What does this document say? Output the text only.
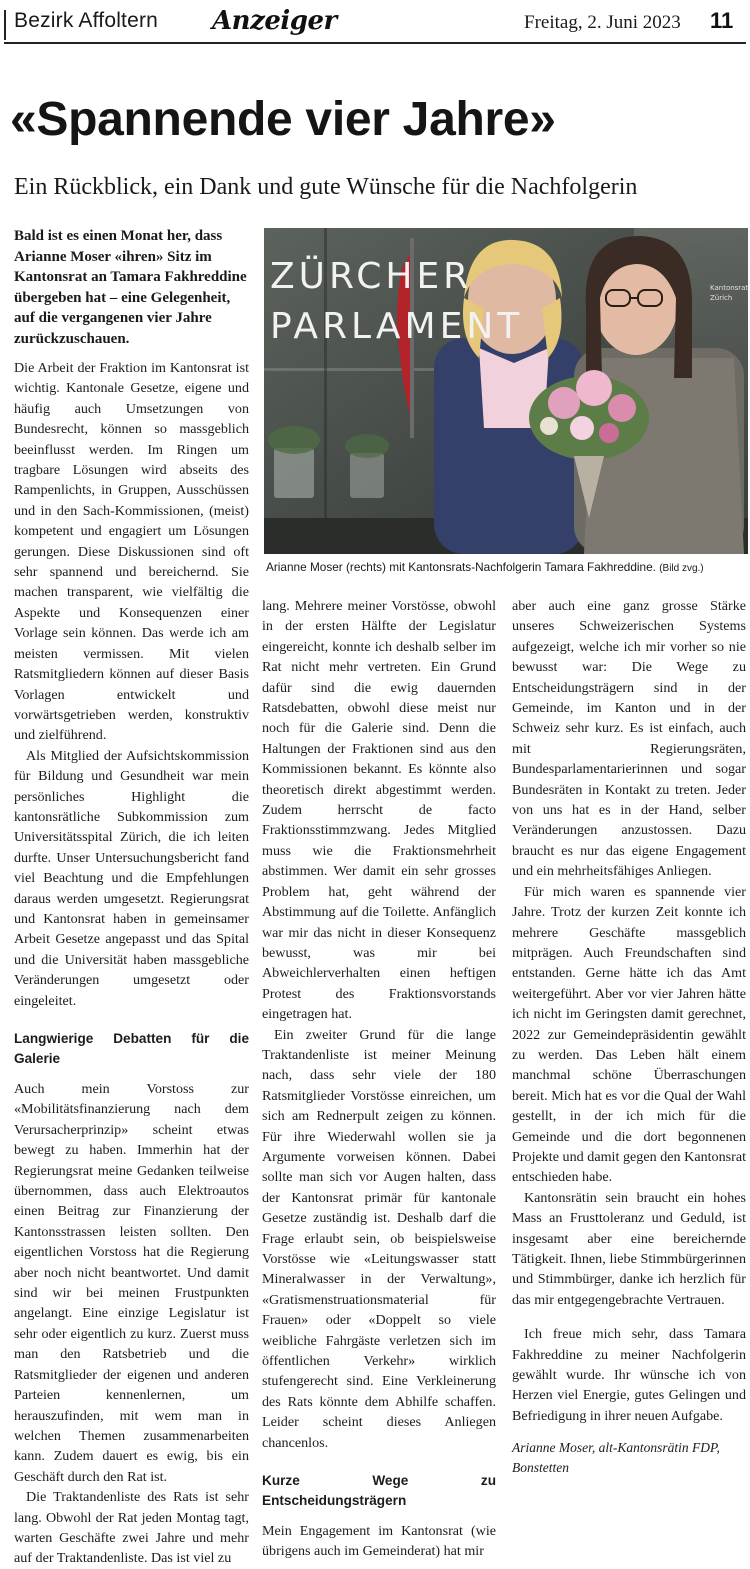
Bezirk Affoltern Anzeiger	Freitag, 2. Juni 2023 11
«Spannende vier Jahre»
Ein Rückblick, ein Dank und gute Wünsche für die Nachfolgerin
Bald ist es einen Monat her, dass Arianne Moser «ihren» Sitz im Kantonsrat an Tamara Fakhreddine übergeben hat – eine Gelegenheit, auf die vergangenen vier Jahre zurückzuschauen.
ZÜRCHER
PARLAMENT
Kantonsrat
Zürich
Arianne Moser (rechts) mit Kantonsrats-Nachfolgerin Tamara Fakhreddine. (Bild zvg.)

Die Arbeit der Fraktion im Kantonsrat ist wichtig. Kantonale Gesetze, eigene und häufig auch Umsetzungen von Bundesrecht, können so massgeblich beeinflusst werden. Im Ringen um tragbare Lösungen wird abseits des Rampenlichts, in Gruppen, Ausschüssen und in den Sach-Kommissionen, (meist) kompetent und engagiert um Lösungen gerungen. Diese Diskussionen sind oft sehr spannend und bereichernd. Sie machen transparent, wie vielfältig die Aspekte und Konsequenzen einer Vorlage sein können. Das werde ich am meisten vermissen. Mit vielen Ratsmitgliedern können auf dieser Basis Vorlagen entwickelt und vorwärtsgetrieben werden, konstruktiv und zielführend.

Als Mitglied der Aufsichtskommission für Bildung und Gesundheit war mein persönliches Highlight die kantonsrätliche Subkommission zum Universitätsspital Zürich, die ich leiten durfte. Unser Untersuchungsbericht fand viel Beachtung und die Empfehlungen daraus werden umgesetzt. Regierungsrat und Kantonsrat haben in gemeinsamer Arbeit Gesetze angepasst und das Spital und die Universität haben massgebliche Veränderungen umgesetzt oder eingeleitet.

Langwierige Debatten für die Galerie

Auch mein Vorstoss zur «Mobilitätsfinanzierung nach dem Verursacherprinzip» scheint etwas bewegt zu haben. Immerhin hat der Regierungsrat meine Gedanken teilweise übernommen, dass auch Elektroautos einen Beitrag zur Finanzierung der Kantonsstrassen leisten sollten. Den eigentlichen Vorstoss hat die Regierung aber noch nicht beantwortet. Und damit sind wir bei meinen Frustpunkten angelangt. Eine einzige Legislatur ist sehr oder eigentlich zu kurz. Zuerst muss man den Ratsbetrieb und die Ratsmitglieder der eigenen und anderen Parteien kennenlernen, um herauszufinden, mit wem man in welchen Themen zusammenarbeiten kann. Zudem dauert es ewig, bis ein Geschäft durch den Rat ist.

Die Traktandenliste des Rats ist sehr lang. Obwohl der Rat jeden Montag tagt, warten Geschäfte zwei Jahre und mehr auf der Traktandenliste. Das ist viel zu

lang. Mehrere meiner Vorstösse, obwohl in der ersten Hälfte der Legislatur eingereicht, konnte ich deshalb selber im Rat nicht mehr vertreten. Ein Grund dafür sind die ewig dauernden Ratsdebatten, obwohl diese meist nur noch für die Galerie sind. Denn die Haltungen der Fraktionen sind aus den Kommissionen bekannt. Es könnte also theoretisch direkt abgestimmt werden. Zudem herrscht de facto Fraktionsstimmzwang. Jedes Mitglied muss wie die Fraktionsmehrheit abstimmen. Wer damit ein sehr grosses Problem hat, geht während der Abstimmung auf die Toilette. Anfänglich war mir das nicht in dieser Konsequenz bewusst, was mir bei Abweichlerverhalten einen heftigen Protest des Fraktionsvorstands eingetragen hat.

Ein zweiter Grund für die lange Traktandenliste ist meiner Meinung nach, dass sehr viele der 180 Ratsmitglieder Vorstösse einreichen, um sich am Rednerpult zeigen zu können. Für ihre Wiederwahl wollen sie ja Argumente vorweisen können. Dabei sollte man sich vor Augen halten, dass der Kantonsrat primär für kantonale Gesetze zuständig ist. Deshalb darf die Frage erlaubt sein, ob beispielsweise Vorstösse wie «Leitungswasser statt Mineralwasser in der Verwaltung», «Gratismenstruationsmaterial für Frauen» oder «Doppelt so viele weibliche Fahrgäste verletzen sich im öffentlichen Verkehr» wirklich stufengerecht sind. Eine Verkleinerung des Rats könnte dem Abhilfe schaffen. Leider scheint dieses Anliegen chancenlos.

Kurze Wege zu Entscheidungsträgern

Mein Engagement im Kantonsrat (wie übrigens auch im Gemeinderat) hat mir

aber auch eine ganz grosse Stärke unseres Schweizerischen Systems aufgezeigt, welche ich mir vorher so nie bewusst war: Die Wege zu Entscheidungsträgern sind in der Gemeinde, im Kanton und in der Schweiz sehr kurz. Es ist einfach, auch mit Regierungsräten, Bundesparlamentarierinnen und sogar Bundesräten in Kontakt zu treten. Jeder von uns hat es in der Hand, selber Veränderungen anzustossen. Dazu braucht es nur das eigene Engagement und ein mehrheitsfähiges Anliegen.

Für mich waren es spannende vier Jahre. Trotz der kurzen Zeit konnte ich mehrere Geschäfte massgeblich mitprägen. Auch Freundschaften sind entstanden. Gerne hätte ich das Amt weitergeführt. Aber vor vier Jahren hätte ich nicht im Geringsten damit gerechnet, 2022 zur Gemeindepräsidentin gewählt zu werden. Das Leben hält einem manchmal schöne Überraschungen bereit. Mich hat es vor die Qual der Wahl gestellt, in der ich mich für die Gemeinde und die dort begonnenen Projekte und damit gegen den Kantonsrat entschieden habe.

Kantonsrätin sein braucht ein hohes Mass an Frusttoleranz und Geduld, ist insgesamt aber eine bereichernde Tätigkeit. Ihnen, liebe Stimmbürgerinnen und Stimmbürger, danke ich herzlich für das mir entgegengebrachte Vertrauen.

Ich freue mich sehr, dass Tamara Fakhreddine zu meiner Nachfolgerin gewählt wurde. Ihr wünsche ich von Herzen viel Energie, gutes Gelingen und Befriedigung in ihrer neuen Aufgabe.

Arianne Moser, alt-Kantonsrätin FDP,
Bonstetten
